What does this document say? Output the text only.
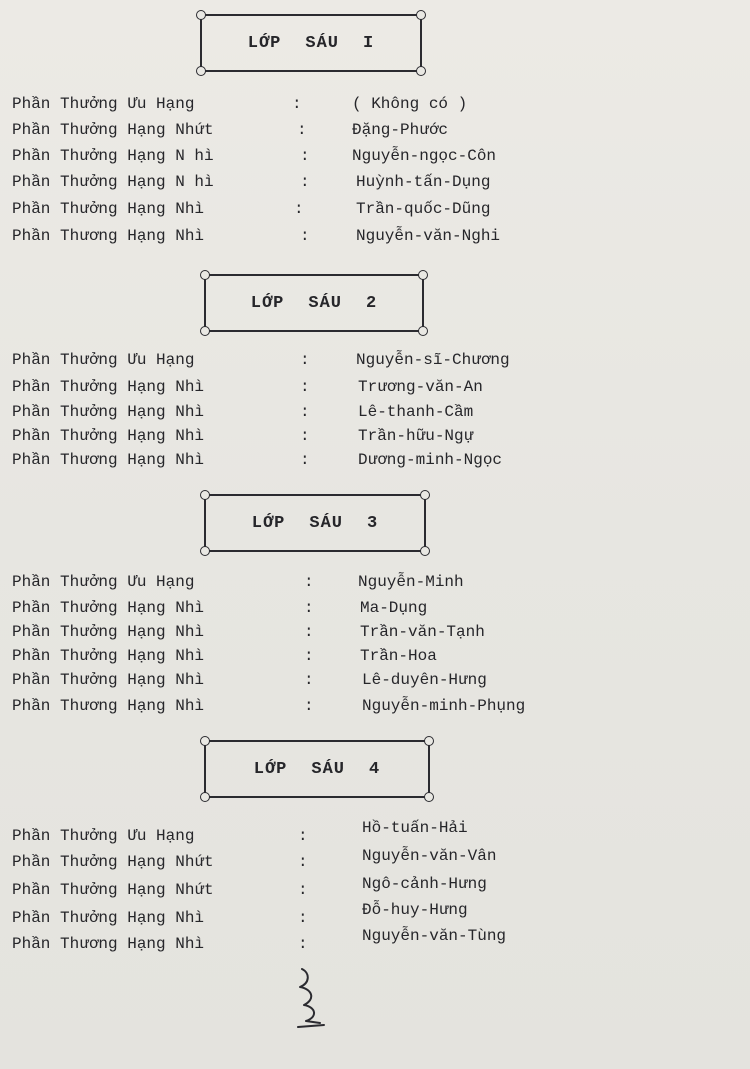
LỚP SÁU I
Phần Thưởng Ưu Hạng	:	( Không có )
Phần Thưởng Hạng Nhứt	:	Đặng-Phước
Phần Thưởng Hạng N hì	:	Nguyễn-ngọc-Côn
Phần Thưởng Hạng N hì	:	Huỳnh-tấn-Dụng
Phần Thưởng Hạng Nhì	:	Trần-quốc-Dũng
Phần Thương Hạng Nhì	:	Nguyễn-văn-Nghi
LỚP SÁU 2
Phần Thưởng Ưu Hạng	:	Nguyễn-sĩ-Chương
Phần Thưởng Hạng Nhì	:	Trương-văn-An
Phần Thưởng Hạng Nhì	:	Lê-thanh-Cầm
Phần Thưởng Hạng Nhì	:	Trần-hữu-Ngự
Phần Thương Hạng Nhì	:	Dương-minh-Ngọc
LỚP SÁU 3
Phần Thưởng Ưu Hạng	:	Nguyễn-Minh
Phần Thưởng Hạng Nhì	:	Ma-Dụng
Phần Thưởng Hạng Nhì	:	Trần-văn-Tạnh
Phần Thưởng Hạng Nhì	:	Trần-Hoa
Phần Thưởng Hạng Nhì	:	Lê-duyên-Hưng
Phần Thương Hạng Nhì	:	Nguyễn-minh-Phụng
LỚP SÁU 4
Phần Thưởng Ưu Hạng	:	Hồ-tuấn-Hải
Phần Thưởng Hạng Nhứt	:	Nguyễn-văn-Vân
Phần Thưởng Hạng Nhứt	:	Ngô-cảnh-Hưng
Phần Thưởng Hạng Nhì	:	Đỗ-huy-Hưng
Phần Thương Hạng Nhì	:	Nguyễn-văn-Tùng
